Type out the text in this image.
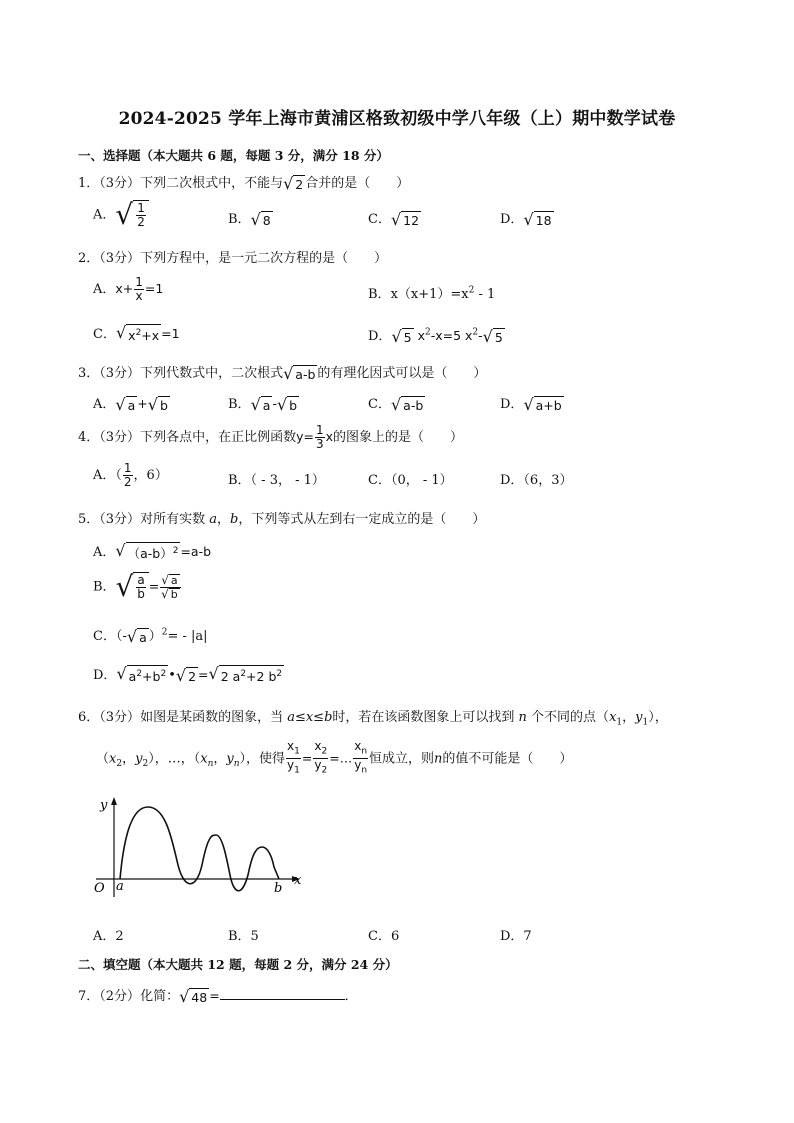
2024-2025 学年上海市黄浦区格致初级中学八年级（上）期中数学试卷
一、选择题（本大题共 6 题，每题 3 分，满分 18 分）
1．（3分）下列二次根式中，不能与 √ 2 合并的是（　　）
A． √ $\frac{1}{2}$	B． √ 8	C． √ 12	D． √ 18
2．（3分）下列方程中，是一元二次方程的是（　　）
A．$x+ \frac{1}{x} =1$	B．$x(x+1)=x^2 - 1$
C． √ $x^2+x =1$	D． √ 5 $x^2-x=5$ $x^2-$ √ 5
3．（3分）下列代数式中，二次根式 √ a-b 的有理化因式可以是（　　）
A． √ a + √ b	B． √ a - √ b	C． √ a-b	D． √ a+b
4．（3分）下列各点中，在正比例函数$y= \frac{1}{3}$ x的图象上的是（　　）
A．（ $\frac{1}{2}$ ，6）	B．（ - 3， - 1）	C．（0， - 1）	D．（6，3）
5．（3分）对所有实数 a，b，下列等式从左到右一定成立的是（　　）
A． √ $(a-b)^2 =a-b$
B． √ $\frac{a}{b} = \frac{√ a}{√ b}$
C．（- √ a ）$^2$= - |a|
D． √ $a^2+b^2$ • √ 2 = √ 2 $a^2+2$ $b^2$
6．（3分）如图是某函数的图象，当 a≤x≤b时，若在该函数图象上可以找到 n 个不同的点（$x_1$，$y_1$），
（$x_2$，$y_2$），…，（$x_n$，$y_n$），使得 $\frac{x_1}{y_1} = \frac{x_2}{y_2}$ =… $\frac{x_n}{y_n}$ 恒成立，则n的值不可能是（　　）
y
x
O a	b
A．2	B．5	C．6	D．7
二、填空题（本大题共 12 题，每题 2 分，满分 24 分）
7．（2分）化简： √ 48 =	．
